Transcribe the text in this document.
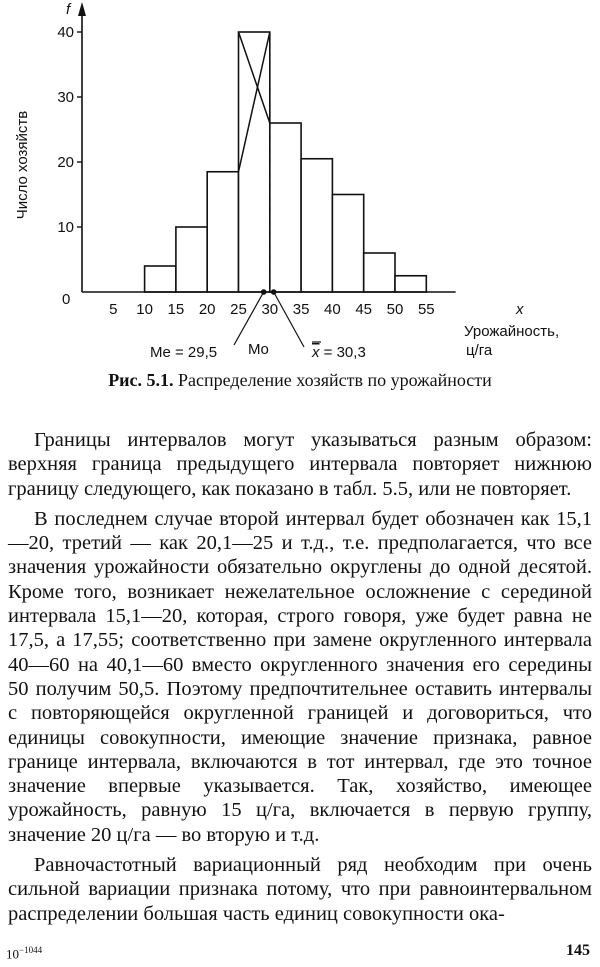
10
20
30
40
5 10 15 20 25 30 35 40 45 50 55
0
f
x
Число хозяйств
Урожайность,
ц/га
Me = 29,5 Mo	x = 30,3
Рис. 5.1. Распределение хозяйств по урожайности

Границы интервалов могут указываться разным образом: верхняя граница предыдущего интервала повторяет нижнюю границу следующего, как показано в табл. 5.5, или не повторяет.

В последнем случае второй интервал будет обозначен как 15,1—20, третий — как 20,1—25 и т.д., т.е. предполагается, что все значения урожайности обязательно округлены до одной десятой. Кроме того, возникает нежелательное осложнение с серединой интервала 15,1—20, которая, строго говоря, уже будет равна не 17,5, а 17,55; соответственно при замене округленного интервала 40—60 на 40,1—60 вместо округленного значения его середины 50 получим 50,5. Поэтому предпочтительнее оставить интервалы с повторяющейся округленной границей и договориться, что единицы совокупности, имеющие значение признака, равное границе интервала, включаются в тот интервал, где это точное значение впервые указывается. Так, хозяйство, имеющее урожайность, равную 15 ц/га, включается в первую группу, значение 20 ц/га — во вторую и т.д.

Равночастотный вариационный ряд необходим при очень сильной вариации признака потому, что при равноинтервальном распределении большая часть единиц совокупности ока-

$10^{-1044}$	145
